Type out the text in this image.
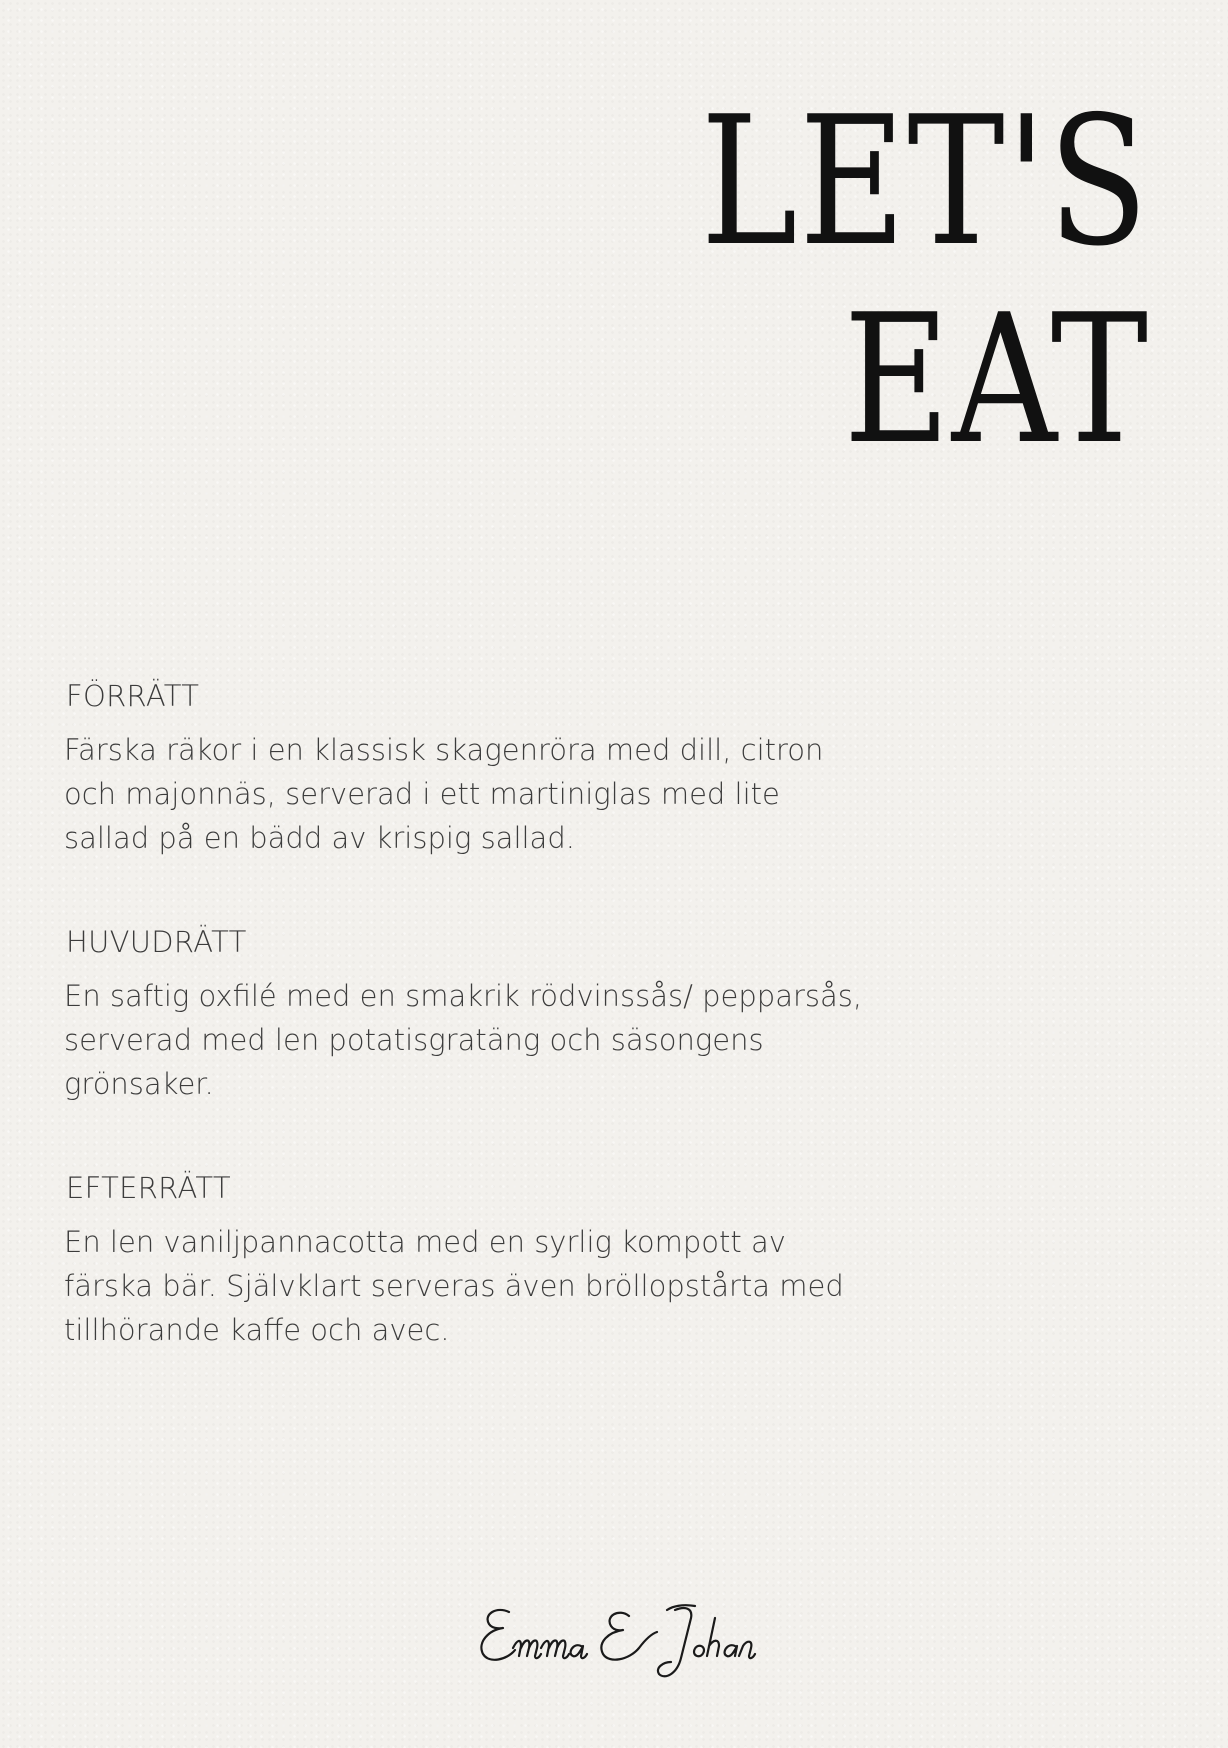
LET'S
EAT

FÖRRÄTT

Färska räkor i en klassisk skagenröra med dill, citron och majonnäs, serverad i ett martiniglas med lite sallad på en bädd av krispig sallad.

HUVUDRÄTT

En saftig oxfilé med en smakrik rödvinssås/ pepparsås, serverad med len potatisgratäng och säsongens grönsaker.

EFTERRÄTT

En len vaniljpannacotta med en syrlig kompott av färska bär. Självklart serveras även bröllopstårta med tillhörande kaffe och avec.
